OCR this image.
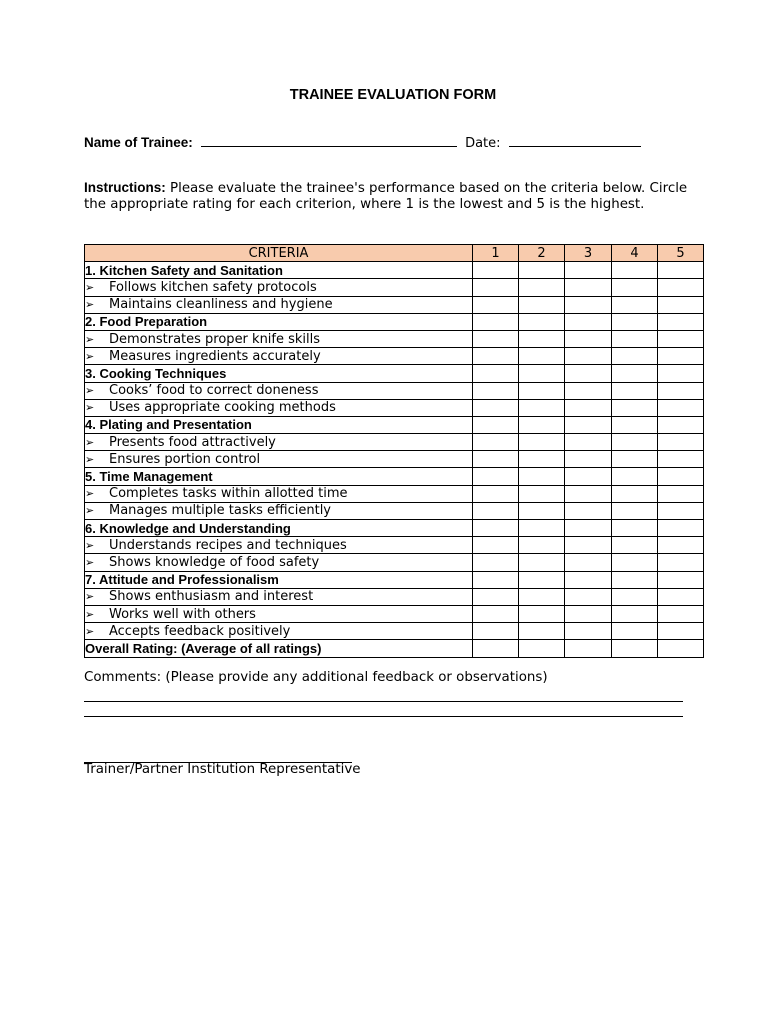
TRAINEE EVALUATION FORM
Name of Trainee:	Date:
Instructions: Please evaluate the trainee's performance based on the criteria below. Circle the appropriate rating for each criterion, where 1 is the lowest and 5 is the highest.
CRITERIA	1	2	3	4	5
1. Kitchen Safety and Sanitation					
➢ Follows kitchen safety protocols					
➢ Maintains cleanliness and hygiene					
2. Food Preparation					
➢ Demonstrates proper knife skills					
➢ Measures ingredients accurately					
3. Cooking Techniques					
➢ Cooks’ food to correct doneness					
➢ Uses appropriate cooking methods					
4. Plating and Presentation					
➢ Presents food attractively					
➢ Ensures portion control					
5. Time Management					
➢ Completes tasks within allotted time					
➢ Manages multiple tasks efficiently					
6. Knowledge and Understanding					
➢ Understands recipes and techniques					
➢ Shows knowledge of food safety					
7. Attitude and Professionalism					
➢ Shows enthusiasm and interest					
➢ Works well with others					
➢ Accepts feedback positively					
Overall Rating: (Average of all ratings)					
Comments: (Please provide any additional feedback or observations)
Trainer/Partner Institution Representative
